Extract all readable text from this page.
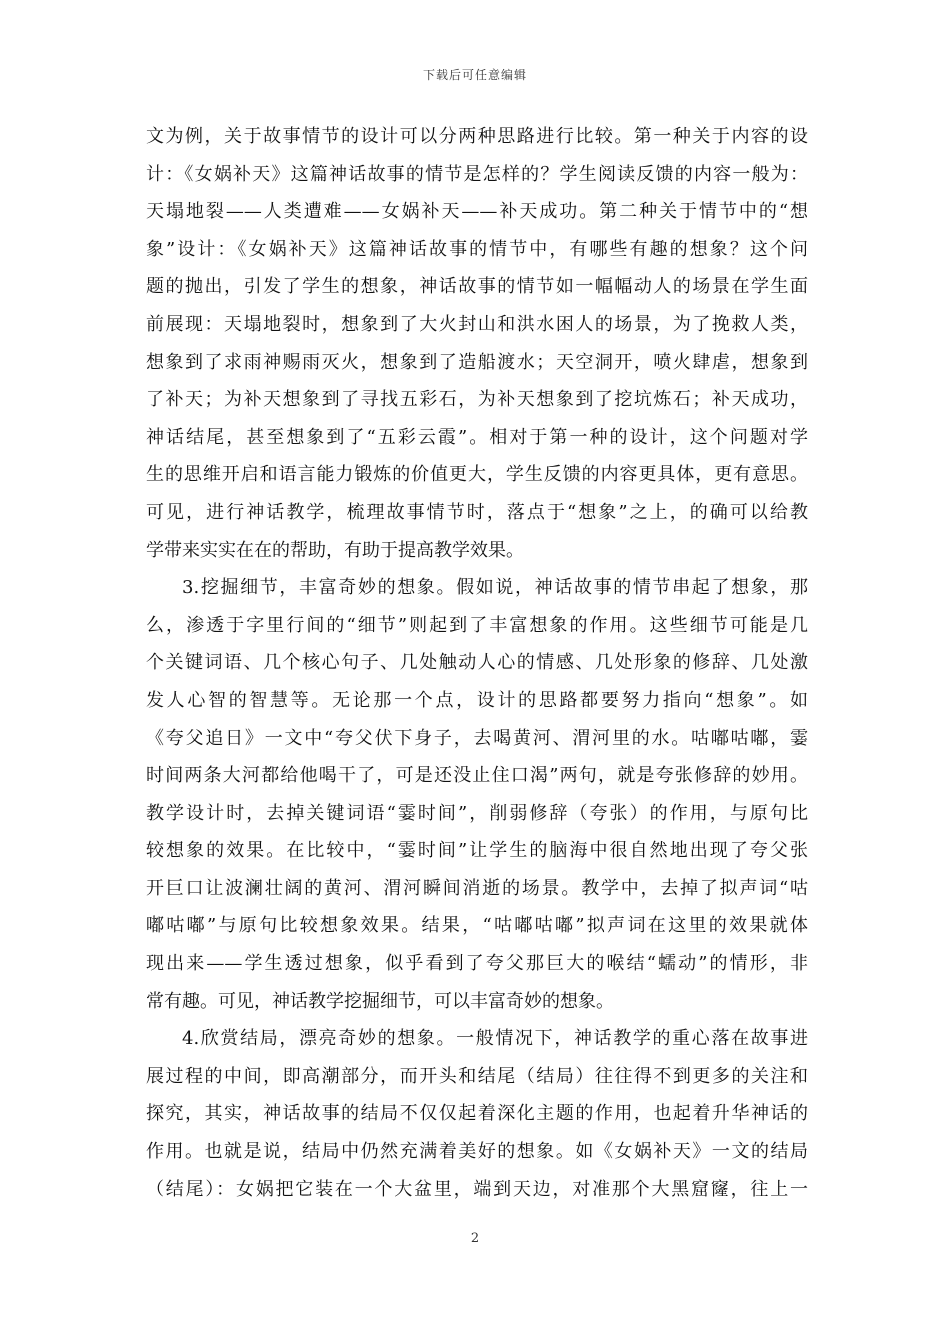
下载后可任意编辑
文为例，关于故事情节的设计可以分两种思路进行比较。第一种关于内容的设
计：《女娲补天》这篇神话故事的情节是怎样的？学生阅读反馈的内容一般为：
天塌地裂——人类遭难——女娲补天——补天成功。第二种关于情节中的“想
象”设计：《女娲补天》这篇神话故事的情节中，有哪些有趣的想象？这个问
题的抛出，引发了学生的想象，神话故事的情节如一幅幅动人的场景在学生面
前展现：天塌地裂时，想象到了大火封山和洪水困人的场景，为了挽救人类，
想象到了求雨神赐雨灭火，想象到了造船渡水；天空洞开，喷火肆虐，想象到
了补天；为补天想象到了寻找五彩石，为补天想象到了挖坑炼石；补天成功，
神话结尾，甚至想象到了“五彩云霞”。相对于第一种的设计，这个问题对学
生的思维开启和语言能力锻炼的价值更大，学生反馈的内容更具体，更有意思。
可见，进行神话教学，梳理故事情节时，落点于“想象”之上，的确可以给教
学带来实实在在的帮助，有助于提高教学效果。
3.挖掘细节，丰富奇妙的想象。假如说，神话故事的情节串起了想象，那
么，渗透于字里行间的“细节”则起到了丰富想象的作用。这些细节可能是几
个关键词语、几个核心句子、几处触动人心的情感、几处形象的修辞、几处激
发人心智的智慧等。无论那一个点，设计的思路都要努力指向“想象”。如
《夸父追日》一文中“夸父伏下身子，去喝黄河、渭河里的水。咕嘟咕嘟，霎
时间两条大河都给他喝干了，可是还没止住口渴”两句，就是夸张修辞的妙用。
教学设计时，去掉关键词语“霎时间”，削弱修辞（夸张）的作用，与原句比
较想象的效果。在比较中，“霎时间”让学生的脑海中很自然地出现了夸父张
开巨口让波澜壮阔的黄河、渭河瞬间消逝的场景。教学中，去掉了拟声词“咕
嘟咕嘟”与原句比较想象效果。结果，“咕嘟咕嘟”拟声词在这里的效果就体
现出来——学生透过想象，似乎看到了夸父那巨大的喉结“蠕动”的情形，非
常有趣。可见，神话教学挖掘细节，可以丰富奇妙的想象。
4.欣赏结局，漂亮奇妙的想象。一般情况下，神话教学的重心落在故事进
展过程的中间，即高潮部分，而开头和结尾（结局）往往得不到更多的关注和
探究，其实，神话故事的结局不仅仅起着深化主题的作用，也起着升华神话的
作用。也就是说，结局中仍然充满着美好的想象。如《女娲补天》一文的结局
（结尾）：女娲把它装在一个大盆里，端到天边，对准那个大黑窟窿，往上一
2
